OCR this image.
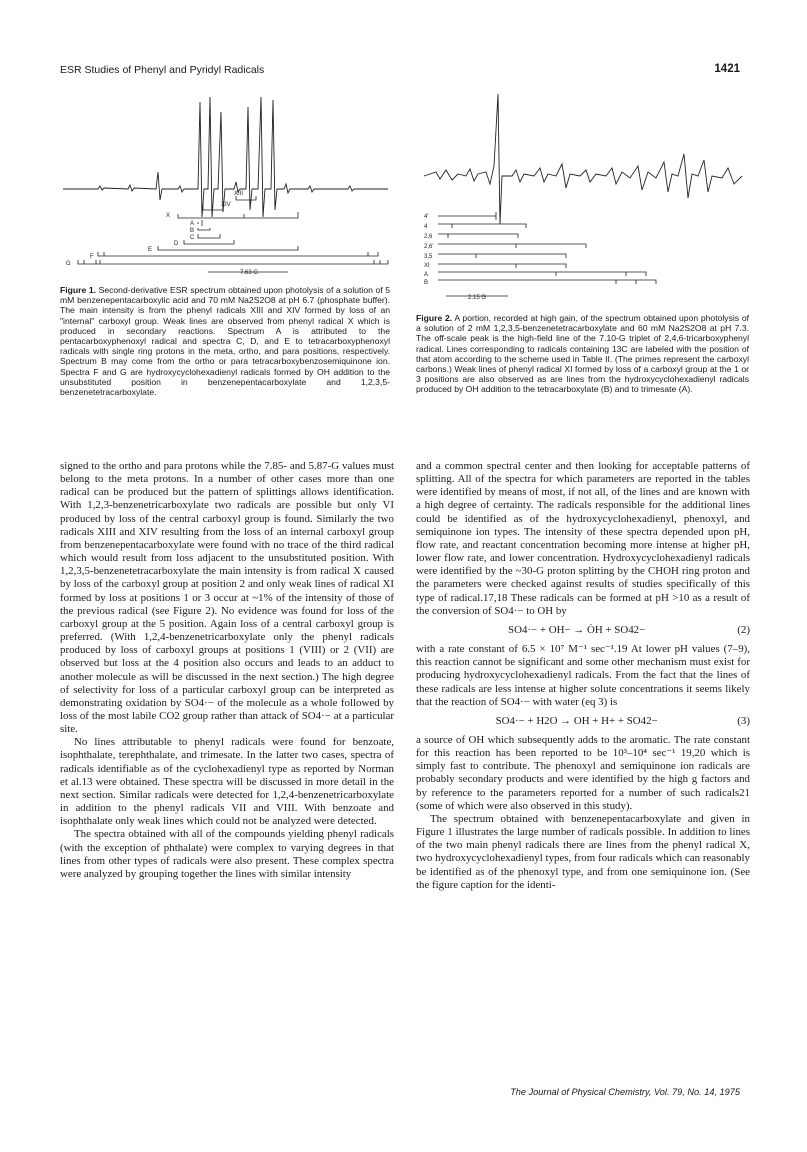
ESR Studies of Phenyl and Pyridyl Radicals	1421
XIV
XIII
X
A
B
C
D
E
F
G
7.63 G
Figure 1. Second-derivative ESR spectrum obtained upon photolysis of a solution of 5 mM benzenepentacarboxylic acid and 70 mM Na2S2O8 at pH 6.7 (phosphate buffer). The main intensity is from the phenyl radicals XIII and XIV formed by loss of an "internal" carboxyl group. Weak lines are observed from phenyl radical X which is produced in secondary reactions. Spectrum A is attributed to the pentacarboxyphenoxyl radical and spectra C, D, and E to tetracarboxyphenoxyl radicals with single ring protons in the meta, ortho, and para positions, respectively. Spectrum B may come from the ortho or para tetracarboxybenzosemiquinone ion. Spectra F and G are hydroxycyclohexadienyl radicals formed by OH addition to the unsubstituted position in benzenepentacarboxylate and 1,2,3,5-benzenetetracarboxylate.
4'
4
2,6
2,6'
3,5
XI
A
B
2.15 G
Figure 2. A portion, recorded at high gain, of the spectrum obtained upon photolysis of a solution of 2 mM 1,2,3,5-benzenetetracarboxylate and 60 mM Na2S2O8 at pH 7.3. The off-scale peak is the high-field line of the 7.10-G triplet of 2,4,6-tricarboxyphenyl radical. Lines corresponding to radicals containing 13C are labeled with the position of that atom according to the scheme used in Table II. (The primes represent the carboxyl carbons.) Weak lines of phenyl radical XI formed by loss of a carboxyl group at the 1 or 3 positions are also observed as are lines from the hydroxycyclohexadienyl radicals produced by OH addition to the tetracarboxylate (B) and to trimesate (A).

signed to the ortho and para protons while the 7.85- and 5.87-G values must belong to the meta protons. In a number of other cases more than one radical can be produced but the pattern of splittings allows identification. With 1,2,3-benzenetricarboxylate two radicals are possible but only VI produced by loss of the central carboxyl group is found. Similarly the two radicals XIII and XIV resulting from the loss of an internal carboxyl group from benzenepentacarboxylate were found with no trace of the third radical which would result from loss adjacent to the unsubstituted position. With 1,2,3,5-benzenetetracarboxylate the main intensity is from radical X caused by loss of the carboxyl group at position 2 and only weak lines of radical XI formed by loss at positions 1 or 3 occur at ~1% of the intensity of those of the previous radical (see Figure 2). No evidence was found for loss of the carboxyl group at the 5 position. Again loss of a central carboxyl group is preferred. (With 1,2,4-benzenetricarboxylate only the phenyl radicals produced by loss of carboxyl groups at positions 1 (VIII) or 2 (VII) are observed but loss at the 4 position also occurs and leads to an adduct to another molecule as will be discussed in the next section.) The high degree of selectivity for loss of a particular carboxyl group can be interpreted as demonstrating oxidation by SO4·− of the molecule as a whole followed by loss of the most labile CO2 group rather than attack of SO4·− at a particular site.

No lines attributable to phenyl radicals were found for benzoate, isophthalate, terephthalate, and trimesate. In the latter two cases, spectra of radicals identifiable as of the cyclohexadienyl type as reported by Norman et al.13 were obtained. These spectra will be discussed in more detail in the next section. Similar radicals were detected for 1,2,4-benzenetricarboxylate in addition to the phenyl radicals VII and VIII. With benzoate and isophthalate only weak lines which could not be analyzed were detected.

The spectra obtained with all of the compounds yielding phenyl radicals (with the exception of phthalate) were complex to varying degrees in that lines from other types of radicals were also present. These complex spectra were analyzed by grouping together the lines with similar intensity

and a common spectral center and then looking for acceptable patterns of splitting. All of the spectra for which parameters are reported in the tables were identified by means of most, if not all, of the lines and are known with a high degree of certainty. The radicals responsible for the additional lines could be identified as of the hydroxycyclohexadienyl, phenoxyl, and semiquinone ion types. The intensity of these spectra depended upon pH, flow rate, and reactant concentration becoming more intense at higher pH, lower flow rate, and lower concentration. Hydroxycyclohexadienyl radicals were identified by the ~30-G proton splitting by the CHOH ring proton and the parameters were checked against results of studies specifically of this type of radical.17,18 These radicals can be formed at pH >10 as a result of the conversion of SO4·− to OH by

SO4·− + OH− → ȮH + SO42−	(2)

with a rate constant of 6.5 × 10⁷ M⁻¹ sec⁻¹.19 At lower pH values (7–9), this reaction cannot be significant and some other mechanism must exist for producing hydroxycyclohexadienyl radicals. From the fact that the lines of these radicals are less intense at higher solute concentrations it seems likely that the reaction of SO4·− with water (eq 3) is

SO4·− + H2O → OH + H+ + SO42−	(3)

a source of OH which subsequently adds to the aromatic. The rate constant for this reaction has been reported to be 10³–10⁴ sec⁻¹ 19,20 which is simply fast to contribute. The phenoxyl and semiquinone ion radicals are probably secondary products and were identified by the high g factors and by reference to the parameters reported for a number of such radicals21 (some of which were also observed in this study).

The spectrum obtained with benzenepentacarboxylate and given in Figure 1 illustrates the large number of radicals possible. In addition to lines of the two main phenyl radicals there are lines from the phenyl radical X, two hydroxycyclohexadienyl types, from four radicals which can reasonably be identified as of the phenoxyl type, and from one semiquinone ion. (See the figure caption for the identi-

The Journal of Physical Chemistry, Vol. 79, No. 14, 1975
